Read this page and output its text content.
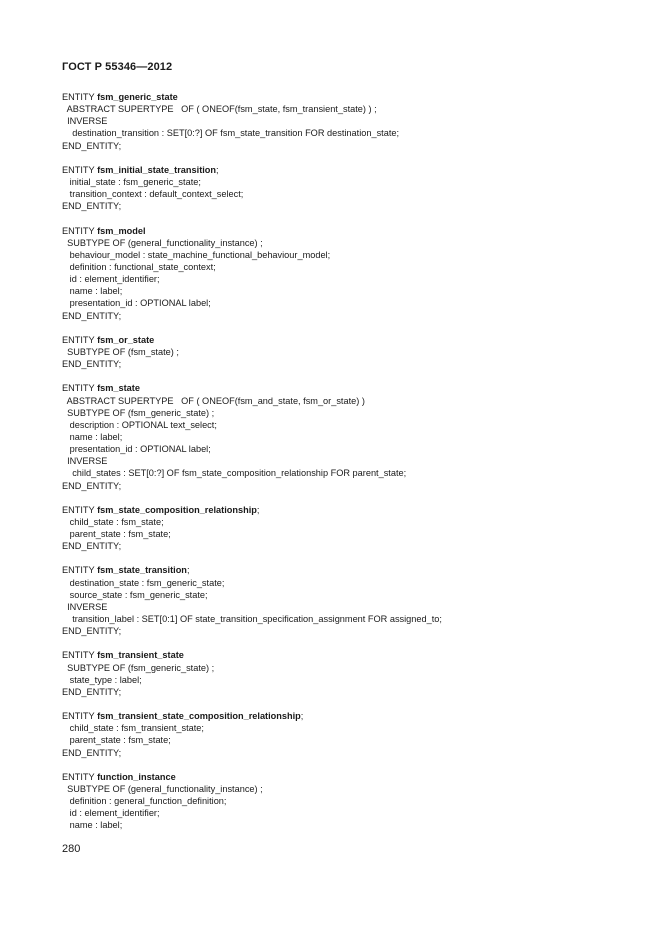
ГОСТ Р 55346—2012
ENTITY fsm_generic_state
ABSTRACT SUPERTYPE   OF ( ONEOF(fsm_state, fsm_transient_state) ) ;
INVERSE
destination_transition : SET[0:?] OF fsm_state_transition FOR destination_state;
END_ENTITY;
ENTITY fsm_initial_state_transition;
initial_state : fsm_generic_state;
transition_context : default_context_select;
END_ENTITY;
ENTITY fsm_model
SUBTYPE OF (general_functionality_instance) ;
behaviour_model : state_machine_functional_behaviour_model;
definition : functional_state_context;
id : element_identifier;
name : label;
presentation_id : OPTIONAL label;
END_ENTITY;
ENTITY fsm_or_state
SUBTYPE OF (fsm_state) ;
END_ENTITY;
ENTITY fsm_state
ABSTRACT SUPERTYPE   OF ( ONEOF(fsm_and_state, fsm_or_state) )
SUBTYPE OF (fsm_generic_state) ;
description : OPTIONAL text_select;
name : label;
presentation_id : OPTIONAL label;
INVERSE
child_states : SET[0:?] OF fsm_state_composition_relationship FOR parent_state;
END_ENTITY;
ENTITY fsm_state_composition_relationship;
child_state : fsm_state;
parent_state : fsm_state;
END_ENTITY;
ENTITY fsm_state_transition;
destination_state : fsm_generic_state;
source_state : fsm_generic_state;
INVERSE
transition_label : SET[0:1] OF state_transition_specification_assignment FOR assigned_to;
END_ENTITY;
ENTITY fsm_transient_state
SUBTYPE OF (fsm_generic_state) ;
state_type : label;
END_ENTITY;
ENTITY fsm_transient_state_composition_relationship;
child_state : fsm_transient_state;
parent_state : fsm_state;
END_ENTITY;
ENTITY function_instance
SUBTYPE OF (general_functionality_instance) ;
definition : general_function_definition;
id : element_identifier;
name : label;
280
